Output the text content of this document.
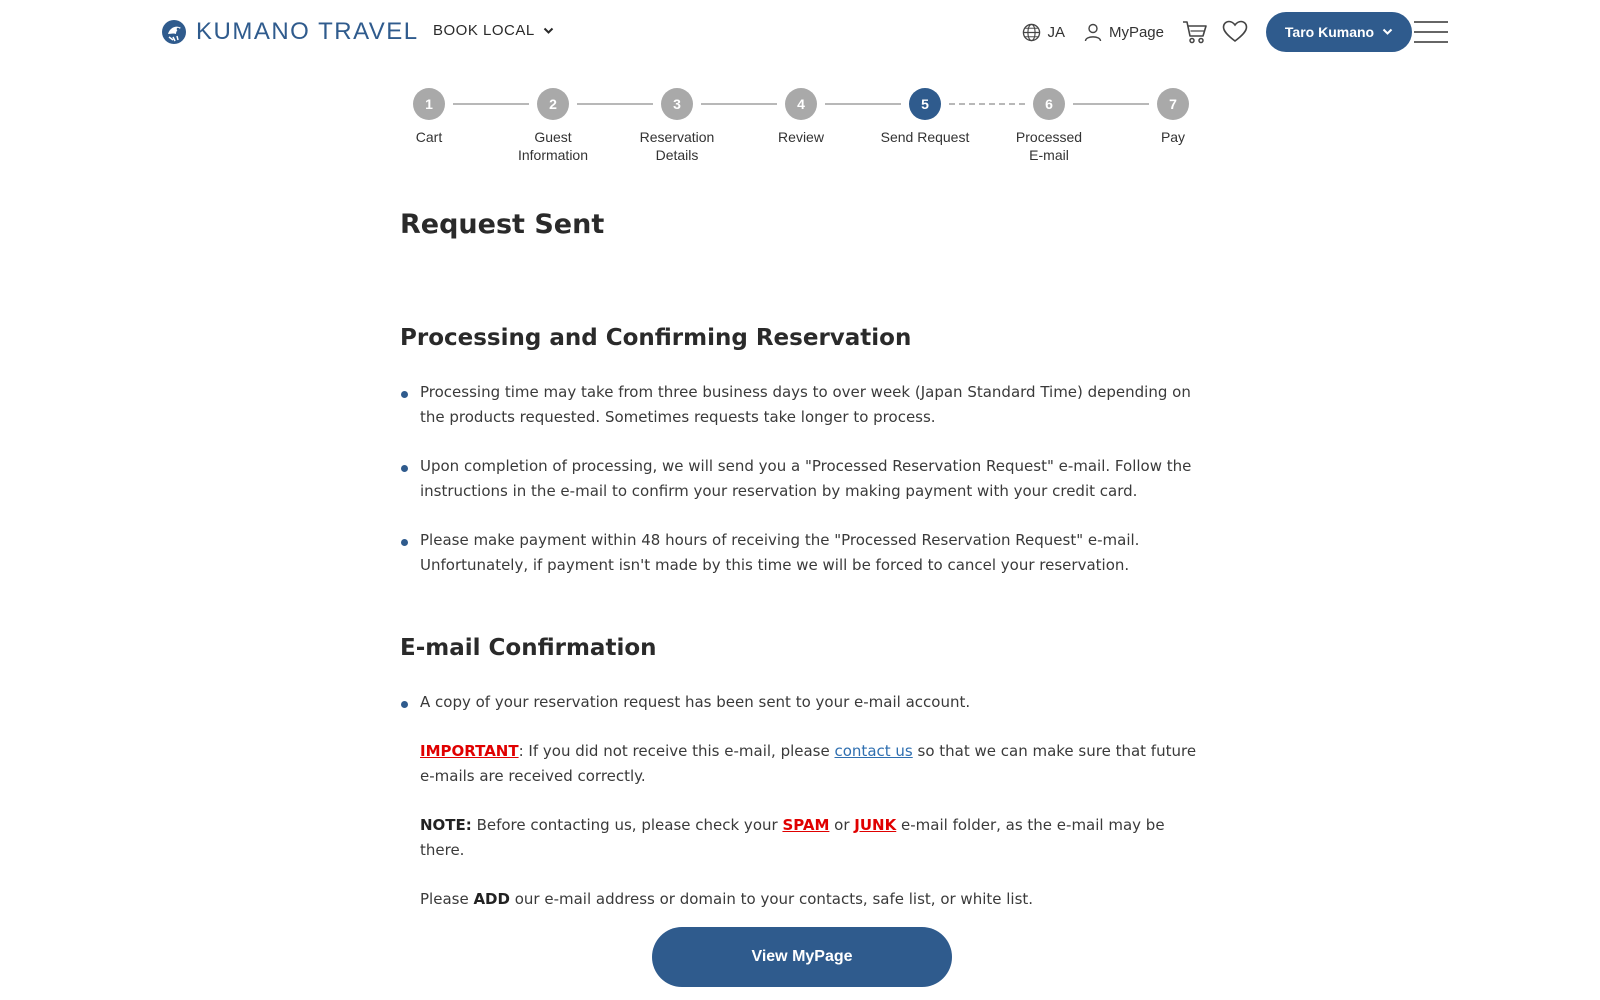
KUMANO TRAVEL BOOK LOCAL	JA	MyPage	Taro Kumano
1
Cart
2
Guest
Information
3
Reservation
Details
4
Review
5
Send Request
6
Processed
E-mail
7
Pay
Request Sent
Processing and Confirming Reservation
Processing time may take from three business days to over week (Japan Standard Time) depending on the products requested. Sometimes requests take longer to process.
Upon completion of processing, we will send you a "Processed Reservation Request" e-mail. Follow the instructions in the e-mail to confirm your reservation by making payment with your credit card.
Please make payment within 48 hours of receiving the "Processed Reservation Request" e-mail. Unfortunately, if payment isn't made by this time we will be forced to cancel your reservation.
E-mail Confirmation
A copy of your reservation request has been sent to your e-mail account.
IMPORTANT: If you did not receive this e-mail, please contact us so that we can make sure that future e-mails are received correctly.
NOTE: Before contacting us, please check your SPAM or JUNK e-mail folder, as the e-mail may be there.
Please ADD our e-mail address or domain to your contacts, safe list, or white list.
View MyPage
